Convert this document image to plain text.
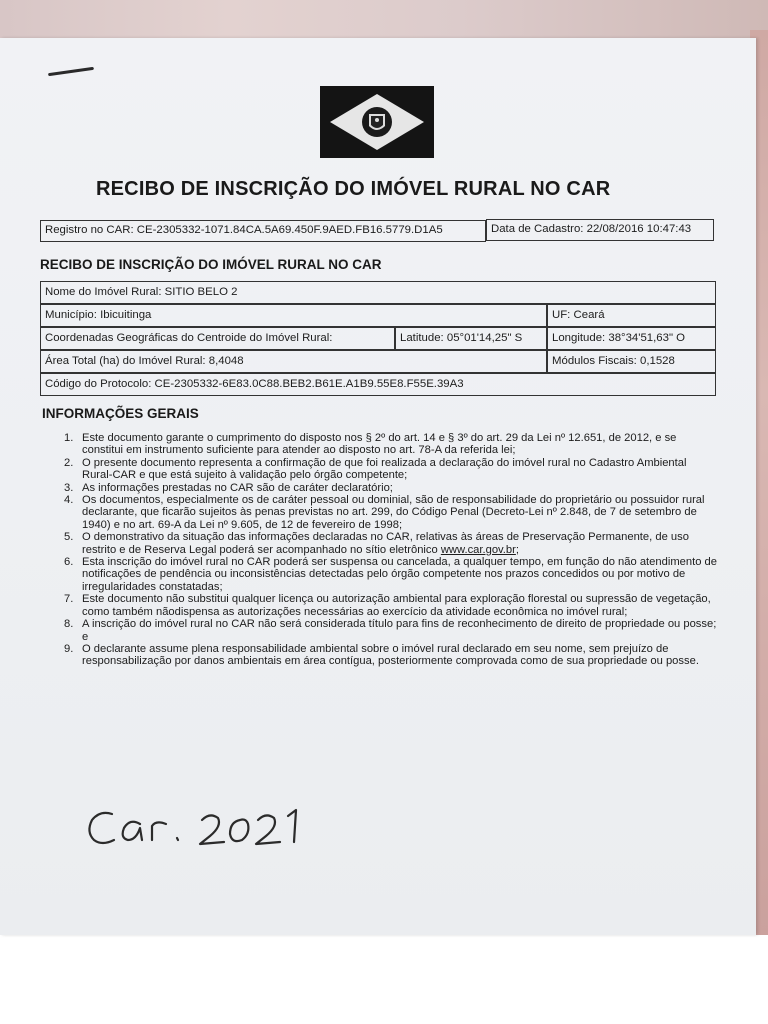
RECIBO DE INSCRIÇÃO DO IMÓVEL RURAL NO CAR
Registro no CAR: CE-2305332-1071.84CA.5A69.450F.9AED.FB16.5779.D1A5	Data de Cadastro: 22/08/2016 10:47:43
RECIBO DE INSCRIÇÃO DO IMÓVEL RURAL NO CAR
Nome do Imóvel Rural: SITIO BELO 2
Município: Ibicuitinga	UF: Ceará
Coordenadas Geográficas do Centroide do Imóvel Rural:	Latitude: 05°01'14,25" S	Longitude: 38°34'51,63" O
Área Total (ha) do Imóvel Rural: 8,4048	Módulos Fiscais: 0,1528
Código do Protocolo: CE-2305332-6E83.0C88.BEB2.B61E.A1B9.55E8.F55E.39A3
INFORMAÇÕES GERAIS
1. Este documento garante o cumprimento do disposto nos § 2º do art. 14 e § 3º do art. 29 da Lei nº 12.651, de 2012, e se constitui em instrumento suficiente para atender ao disposto no art. 78-A da referida lei;
2. O presente documento representa a confirmação de que foi realizada a declaração do imóvel rural no Cadastro Ambiental Rural-CAR e que está sujeito à validação pelo órgão competente;
3. As informações prestadas no CAR são de caráter declaratório;
4. Os documentos, especialmente os de caráter pessoal ou dominial, são de responsabilidade do proprietário ou possuidor rural declarante, que ficarão sujeitos às penas previstas no art. 299, do Código Penal (Decreto-Lei nº 2.848, de 7 de setembro de 1940) e no art. 69-A da Lei nº 9.605, de 12 de fevereiro de 1998;
5. O demonstrativo da situação das informações declaradas no CAR, relativas às áreas de Preservação Permanente, de uso restrito e de Reserva Legal poderá ser acompanhado no sítio eletrônico www.car.gov.br;
6. Esta inscrição do imóvel rural no CAR poderá ser suspensa ou cancelada, a qualquer tempo, em função do não atendimento de notificações de pendência ou inconsistências detectadas pelo órgão competente nos prazos concedidos ou por motivo de irregularidades constatadas;
7. Este documento não substitui qualquer licença ou autorização ambiental para exploração florestal ou supressão de vegetação, como também nãodispensa as autorizações necessárias ao exercício da atividade econômica no imóvel rural;
8. A inscrição do imóvel rural no CAR não será considerada título para fins de reconhecimento de direito de propriedade ou posse; e
9. O declarante assume plena responsabilidade ambiental sobre o imóvel rural declarado em seu nome, sem prejuízo de responsabilização por danos ambientais em área contígua, posteriormente comprovada como de sua propriedade ou posse.
